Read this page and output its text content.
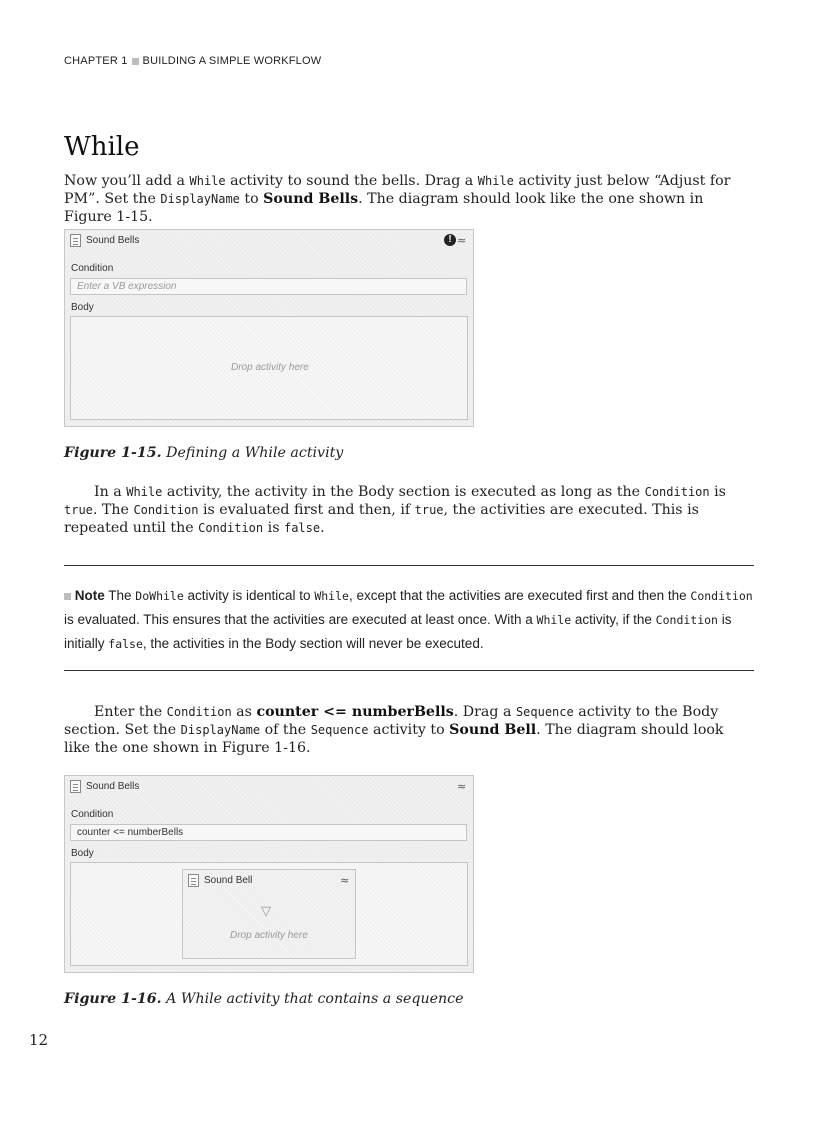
CHAPTER 1 BUILDING A SIMPLE WORKFLOW
While

Now you’ll add a While activity to sound the bells. Drag a While activity just below “Adjust for PM”. Set the DisplayName to Sound Bells. The diagram should look like the one shown in Figure 1-15.

Sound Bells	! ≈
Condition
Enter a VB expression
Body
Drop activity here

Figure 1-15. Defining a While activity

In a While activity, the activity in the Body section is executed as long as the Condition is true. The Condition is evaluated first and then, if true, the activities are executed. This is repeated until the Condition is false.

Note The DoWhile activity is identical to While, except that the activities are executed first and then the Condition is evaluated. This ensures that the activities are executed at least once. With a While activity, if the Condition is initially false, the activities in the Body section will never be executed.

Enter the Condition as counter <= numberBells. Drag a Sequence activity to the Body section. Set the DisplayName of the Sequence activity to Sound Bell. The diagram should look like the one shown in Figure 1-16.

Sound Bells	≈
Condition
counter <= numberBells
Body
Sound Bell	≈
▽
Drop activity here

Figure 1-16. A While activity that contains a sequence

12
